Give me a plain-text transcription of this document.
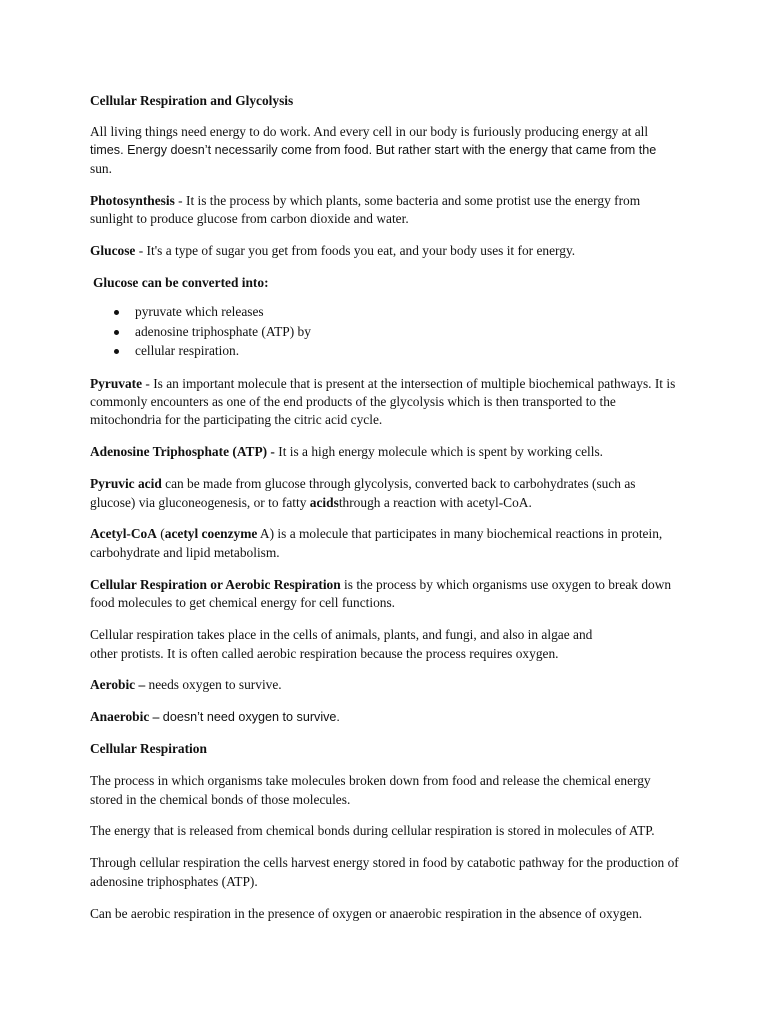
Cellular Respiration and Glycolysis
All living things need energy to do work. And every cell in our body is furiously producing energy at all
times. Energy doesn’t necessarily come from food. But rather start with the energy that came from the
sun.
Photosynthesis - It is the process by which plants, some bacteria and some protist use the energy from sunlight to produce glucose from carbon dioxide and water.
Glucose - It's a type of sugar you get from foods you eat, and your body uses it for energy.
Glucose can be converted into:
pyruvate which releases
adenosine triphosphate (ATP) by
cellular respiration.
Pyruvate - Is an important molecule that is present at the intersection of multiple biochemical pathways. It is commonly encounters as one of the end products of the glycolysis which is then transported to the mitochondria for the participating the citric acid cycle.
Adenosine Triphosphate (ATP) - It is a high energy molecule which is spent by working cells.
Pyruvic acid can be made from glucose through glycolysis, converted back to carbohydrates (such as glucose) via gluconeogenesis, or to fatty acidsthrough a reaction with acetyl-CoA.
Acetyl-CoA (acetyl coenzyme A) is a molecule that participates in many biochemical reactions in protein, carbohydrate and lipid metabolism.
Cellular Respiration or Aerobic Respiration is the process by which organisms use oxygen to break down food molecules to get chemical energy for cell functions.
Cellular respiration takes place in the cells of animals, plants, and fungi, and also in algae and
other protists. It is often called aerobic respiration because the process requires oxygen.
Aerobic – needs oxygen to survive.
Anaerobic – doesn’t need oxygen to survive.
Cellular Respiration
The process in which organisms take molecules broken down from food and release the chemical energy stored in the chemical bonds of those molecules.
The energy that is released from chemical bonds during cellular respiration is stored in molecules of ATP.
Through cellular respiration the cells harvest energy stored in food by catabotic pathway for the production of adenosine triphosphates (ATP).
Can be aerobic respiration in the presence of oxygen or anaerobic respiration in the absence of oxygen.
